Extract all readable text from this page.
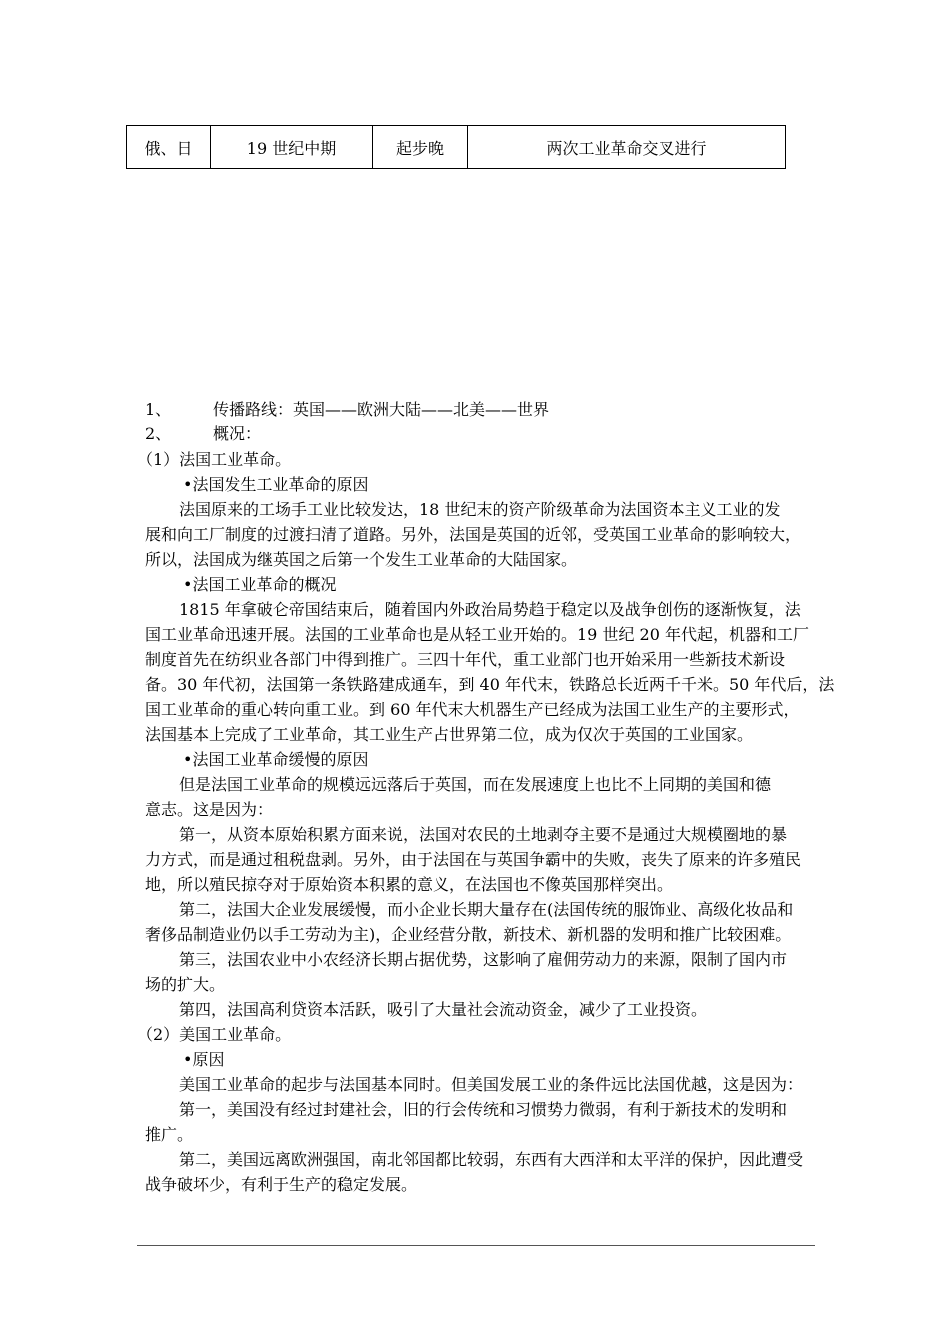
俄、日	19 世纪中期	起步晚	两次工业革命交叉进行
1、	传播路线：英国——欧洲大陆——北美——世界
2、	概况：
（1）法国工业革命。
•法国发生工业革命的原因
法国原来的工场手工业比较发达，18 世纪末的资产阶级革命为法国资本主义工业的发
展和向工厂制度的过渡扫清了道路。另外，法国是英国的近邻，受英国工业革命的影响较大，
所以，法国成为继英国之后第一个发生工业革命的大陆国家。
•法国工业革命的概况
1815 年拿破仑帝国结束后，随着国内外政治局势趋于稳定以及战争创伤的逐渐恢复，法
国工业革命迅速开展。法国的工业革命也是从轻工业开始的。19 世纪 20 年代起，机器和工厂
制度首先在纺织业各部门中得到推广。三四十年代，重工业部门也开始采用一些新技术新设
备。30 年代初，法国第一条铁路建成通车，到 40 年代末，铁路总长近两千千米。50 年代后，法
国工业革命的重心转向重工业。到 60 年代末大机器生产已经成为法国工业生产的主要形式，
法国基本上完成了工业革命，其工业生产占世界第二位，成为仅次于英国的工业国家。
•法国工业革命缓慢的原因
但是法国工业革命的规模远远落后于英国，而在发展速度上也比不上同期的美国和德
意志。这是因为：
第一，从资本原始积累方面来说，法国对农民的土地剥夺主要不是通过大规模圈地的暴
力方式，而是通过租税盘剥。另外，由于法国在与英国争霸中的失败，丧失了原来的许多殖民
地，所以殖民掠夺对于原始资本积累的意义，在法国也不像英国那样突出。
第二，法国大企业发展缓慢，而小企业长期大量存在(法国传统的服饰业、高级化妆品和
奢侈品制造业仍以手工劳动为主)，企业经营分散，新技术、新机器的发明和推广比较困难。
第三，法国农业中小农经济长期占据优势，这影响了雇佣劳动力的来源，限制了国内市
场的扩大。
第四，法国高利贷资本活跃，吸引了大量社会流动资金，减少了工业投资。
（2）美国工业革命。
•原因
美国工业革命的起步与法国基本同时。但美国发展工业的条件远比法国优越，这是因为：
第一，美国没有经过封建社会，旧的行会传统和习惯势力微弱，有利于新技术的发明和
推广。
第二，美国远离欧洲强国，南北邻国都比较弱，东西有大西洋和太平洋的保护，因此遭受
战争破坏少，有利于生产的稳定发展。
